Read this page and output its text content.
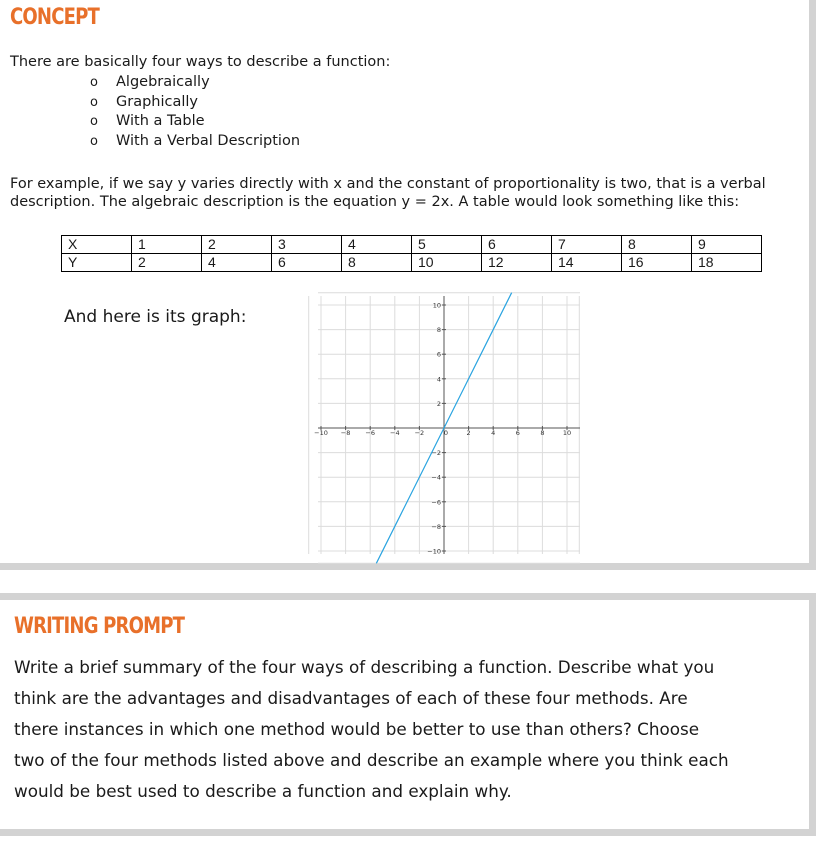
CONCEPT
There are basically four ways to describe a function:
o Algebraically
o Graphically
o With a Table
o With a Verbal Description
For example, if we say y varies directly with x and the constant of proportionality is two, that is a verbal description. The algebraic description is the equation y = 2x. A table would look something like this:
X	1	2	3	4	5	6	7	8	9
Y	2	4	6	8	10	12	14	16	18
And here is its graph:
−10 −8 −6 −4 −2	0	2	4	6	8	10
−10
−8
−6
−4
−2
2
4
6
8
10
WRITING PROMPT
Write a brief summary of the four ways of describing a function. Describe what you
think are the advantages and disadvantages of each of these four methods. Are
there instances in which one method would be better to use than others? Choose
two of the four methods listed above and describe an example where you think each
would be best used to describe a function and explain why.
